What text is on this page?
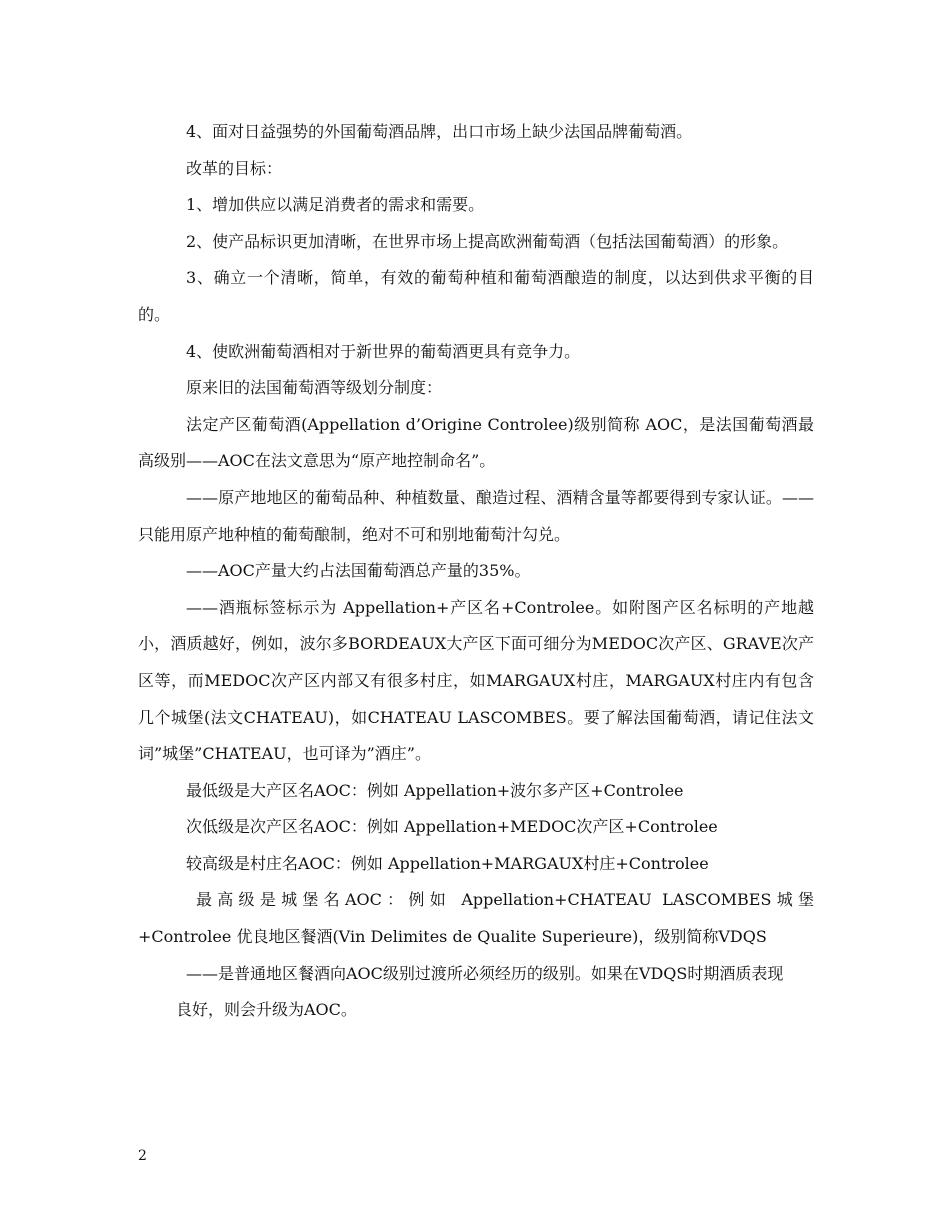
4、面对日益强势的外国葡萄酒品牌，出口市场上缺少法国品牌葡萄酒。

改革的目标：

1、增加供应以满足消费者的需求和需要。

2、使产品标识更加清晰，在世界市场上提高欧洲葡萄酒（包括法国葡萄酒）的形象。

3、确立一个清晰，简单，有效的葡萄种植和葡萄酒酿造的制度，以达到供求平衡的目的。

4、使欧洲葡萄酒相对于新世界的葡萄酒更具有竞争力。

原来旧的法国葡萄酒等级划分制度：

法定产区葡萄酒(Appellation d’Origine Controlee)级别简称 AOC，是法国葡萄酒最高级别——AOC在法文意思为“原产地控制命名”。

——原产地地区的葡萄品种、种植数量、酿造过程、酒精含量等都要得到专家认证。——只能用原产地种植的葡萄酿制，绝对不可和别地葡萄汁勾兑。

——AOC产量大约占法国葡萄酒总产量的35%。

——酒瓶标签标示为 Appellation+产区名+Controlee。如附图产区名标明的产地越小，酒质越好，例如，波尔多BORDEAUX大产区下面可细分为MEDOC次产区、GRAVE次产区等，而MEDOC次产区内部又有很多村庄，如MARGAUX村庄，MARGAUX村庄内有包含几个城堡(法文CHATEAU)，如CHATEAU LASCOMBES。要了解法国葡萄酒，请记住法文词”城堡”CHATEAU，也可译为”酒庄”。

最低级是大产区名AOC：例如 Appellation+波尔多产区+Controlee

次低级是次产区名AOC：例如 Appellation+MEDOC次产区+Controlee

较高级是村庄名AOC：例如 Appellation+MARGAUX村庄+Controlee

最高级是城堡名AOC：例如 Appellation+CHATEAU LASCOMBES城堡+Controlee 优良地区餐酒(Vin Delimites de Qualite Superieure)，级别简称VDQS

——是普通地区餐酒向AOC级别过渡所必须经历的级别。如果在VDQS时期酒质表现

良好，则会升级为AOC。

2
